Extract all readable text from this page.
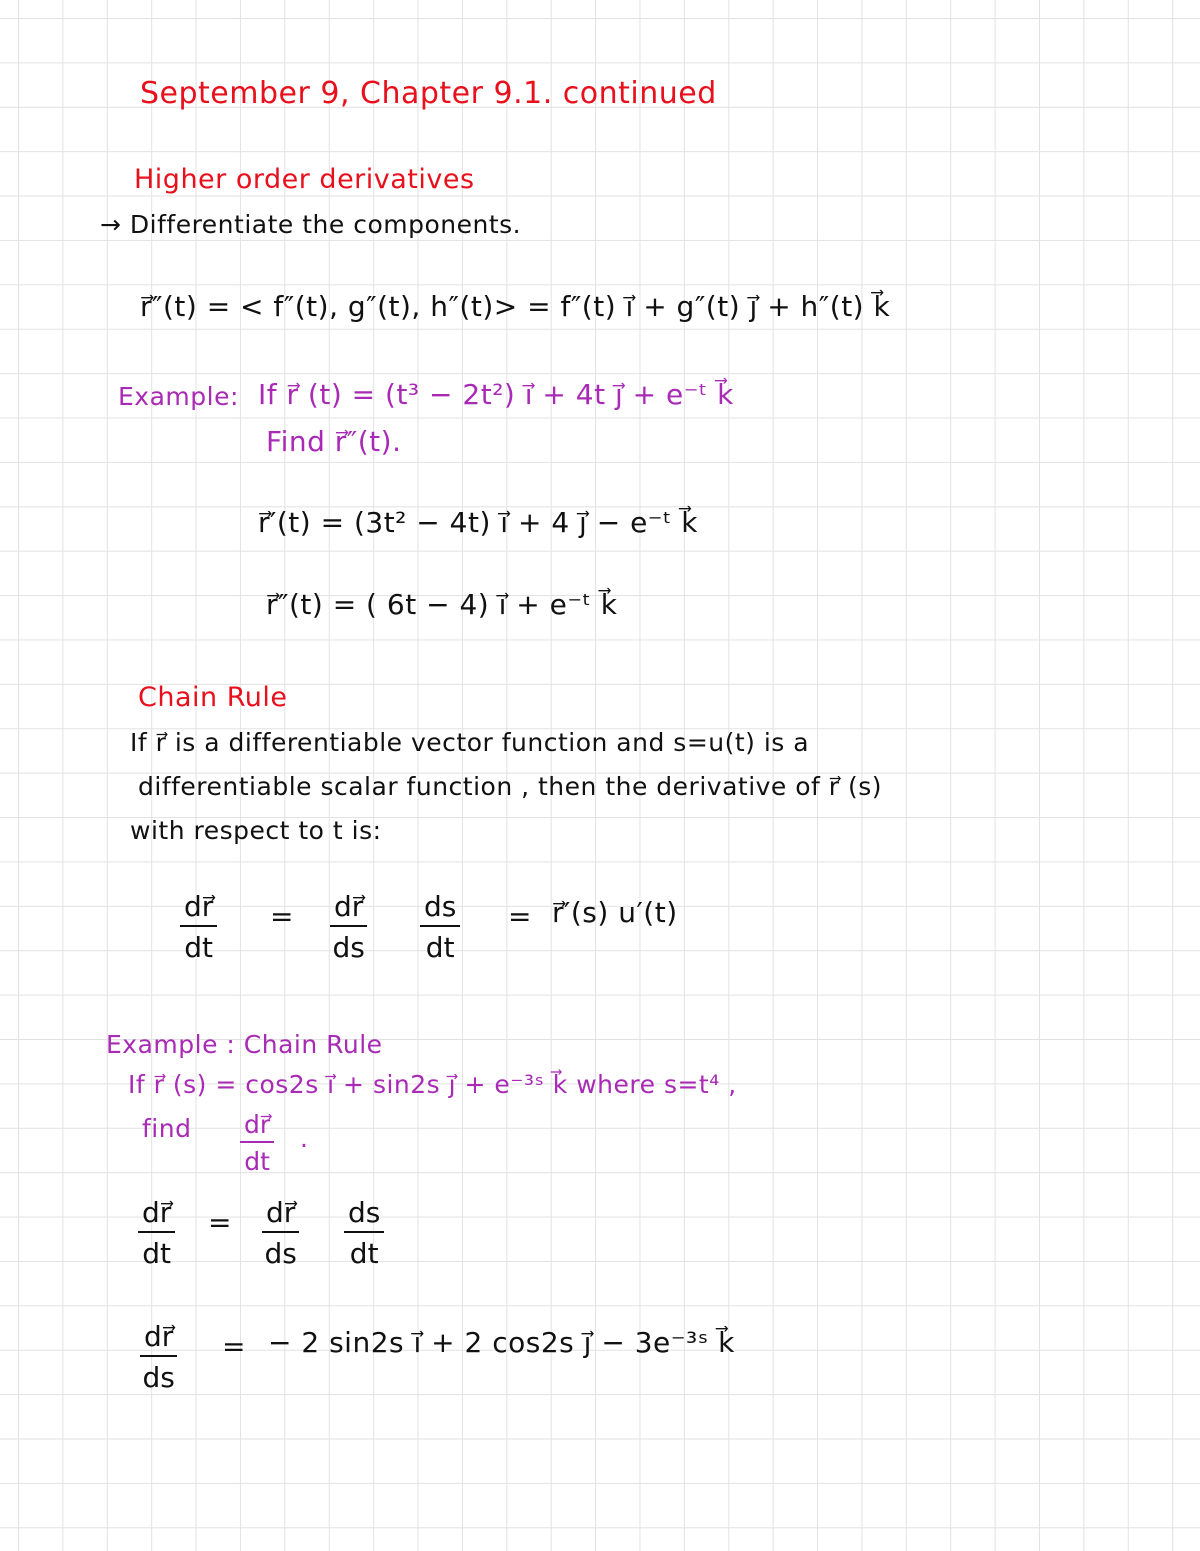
September 9, Chapter 9.1. continued
Higher order derivatives
→ Differentiate the components.
r⃗″(t) = < f″(t), g″(t), h″(t)> = f″(t) i⃗ + g″(t) j⃗ + h″(t) k⃗
Example: If r⃗ (t) = (t³ − 2t²) i⃗ + 4t j⃗ + e⁻ᵗ k⃗
Find r⃗″(t).
r⃗′(t) = (3t² − 4t) i⃗ + 4 j⃗ − e⁻ᵗ k⃗
r⃗″(t) = ( 6t − 4) i⃗ + e⁻ᵗ k⃗
Chain Rule
If r⃗ is a differentiable vector function and s=u(t) is a
differentiable scalar function , then the derivative of r⃗ (s)
with respect to t is:
$\frac{dr⃗}{dt} = \frac{dr⃗}{ds} \frac{ds}{dt}$ = r⃗′(s) u′(t)
Example : Chain Rule
If r⃗ (s) = cos2s i⃗ + sin2s j⃗ + e⁻³ˢ k⃗ where s=t⁴ ,
find $\frac{dr⃗}{dt}$ .
$\frac{dr⃗}{dt} = \frac{dr⃗}{ds} \frac{ds}{dt}$
$\frac{dr⃗}{ds}$ = − 2 sin2s i⃗ + 2 cos2s j⃗ − 3e⁻³ˢ k⃗
